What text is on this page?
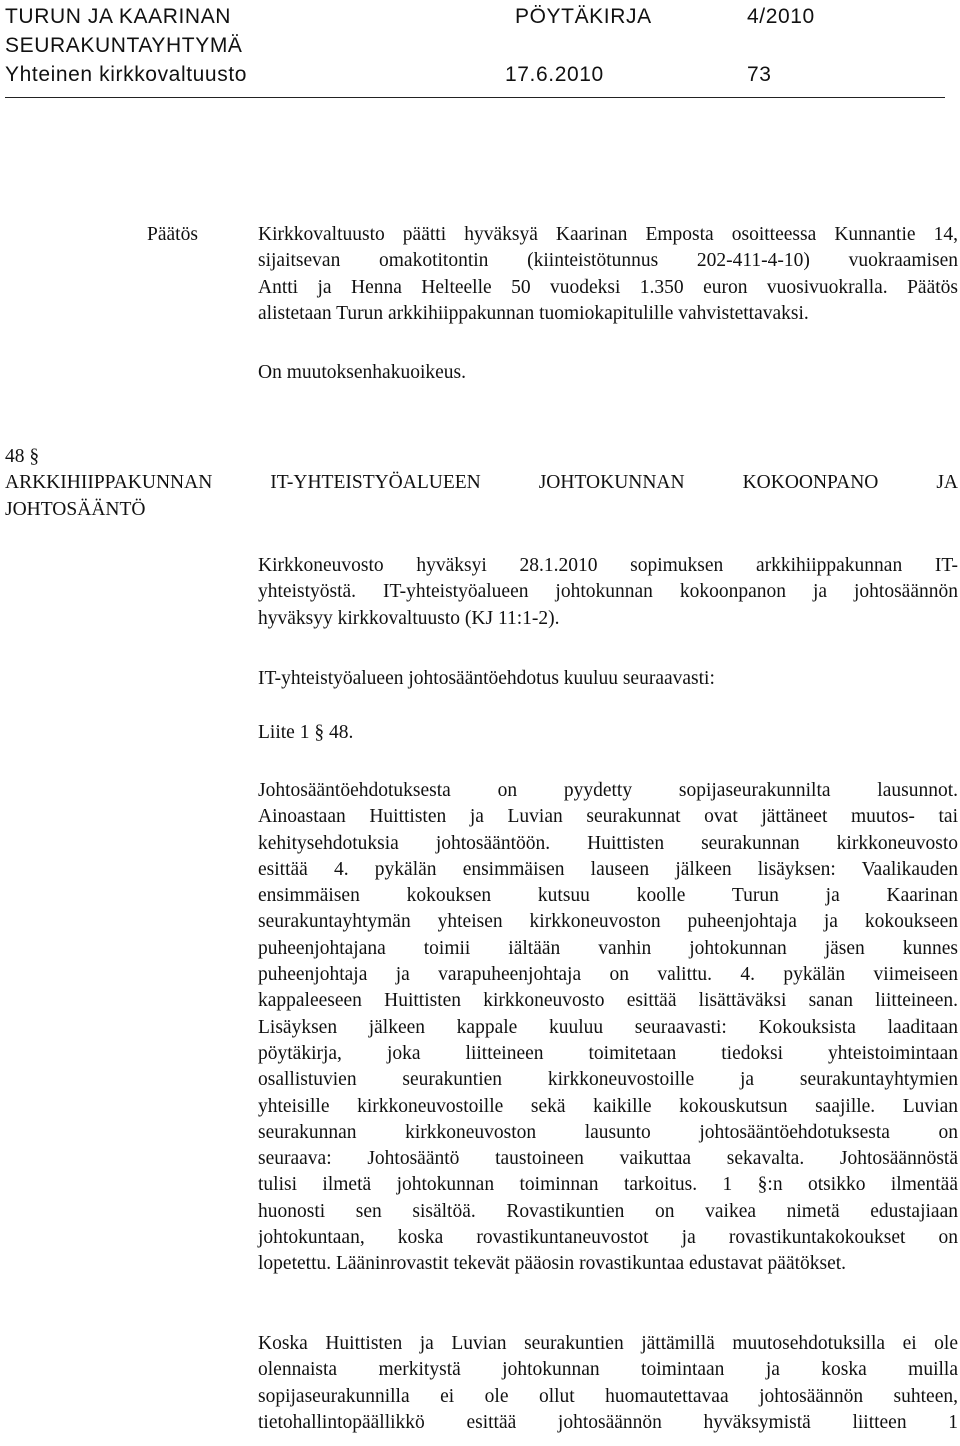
TURUN JA KAARINAN	PÖYTÄKIRJA	4/2010
SEURAKUNTAYHTYMÄ
Yhteinen kirkkovaltuusto	17.6.2010	73
Päätös	Kirkkovaltuusto päätti hyväksyä Kaarinan Emposta osoitteessa Kunnantie 14,
sijaitsevan omakotitontin (kiinteistötunnus 202-411-4-10) vuokraamisen
Antti ja Henna Helteelle 50 vuodeksi 1.350 euron vuosivuokralla. Päätös
alistetaan Turun arkkihiippakunnan tuomiokapitulille vahvistettavaksi.
On muutoksenhakuoikeus.
48 §
ARKKIHIIPPAKUNNAN IT-YHTEISTYÖALUEEN JOHTOKUNNAN KOKOONPANO JA
JOHTOSÄÄNTÖ
Kirkkoneuvosto hyväksyi 28.1.2010 sopimuksen arkkihiippakunnan IT-
yhteistyöstä. IT-yhteistyöalueen johtokunnan kokoonpanon ja johtosäännön
hyväksyy kirkkovaltuusto (KJ 11:1-2).
IT-yhteistyöalueen johtosääntöehdotus kuuluu seuraavasti:
Liite 1 § 48.
Johtosääntöehdotuksesta on pyydetty sopijaseurakunnilta lausunnot.
Ainoastaan Huittisten ja Luvian seurakunnat ovat jättäneet muutos- tai
kehitysehdotuksia johtosääntöön. Huittisten seurakunnan kirkkoneuvosto
esittää 4. pykälän ensimmäisen lauseen jälkeen lisäyksen: Vaalikauden
ensimmäisen kokouksen kutsuu koolle Turun ja Kaarinan
seurakuntayhtymän yhteisen kirkkoneuvoston puheenjohtaja ja kokoukseen
puheenjohtajana toimii iältään vanhin johtokunnan jäsen kunnes
puheenjohtaja ja varapuheenjohtaja on valittu. 4. pykälän viimeiseen
kappaleeseen Huittisten kirkkoneuvosto esittää lisättäväksi sanan liitteineen.
Lisäyksen jälkeen kappale kuuluu seuraavasti: Kokouksista laaditaan
pöytäkirja, joka liitteineen toimitetaan tiedoksi yhteistoimintaan
osallistuvien seurakuntien kirkkoneuvostoille ja seurakuntayhtymien
yhteisille kirkkoneuvostoille sekä kaikille kokouskutsun saajille. Luvian
seurakunnan kirkkoneuvoston lausunto johtosääntöehdotuksesta on
seuraava: Johtosääntö taustoineen vaikuttaa sekavalta. Johtosäännöstä
tulisi ilmetä johtokunnan toiminnan tarkoitus. 1 §:n otsikko ilmentää
huonosti sen sisältöä. Rovastikuntien on vaikea nimetä edustajiaan
johtokuntaan, koska rovastikuntaneuvostot ja rovastikuntakokoukset on
lopetettu. Lääninrovastit tekevät pääosin rovastikuntaa edustavat päätökset.
Koska Huittisten ja Luvian seurakuntien jättämillä muutosehdotuksilla ei ole
olennaista merkitystä johtokunnan toimintaan ja koska muilla
sopijaseurakunnilla ei ole ollut huomautettavaa johtosäännön suhteen,
tietohallintopäällikkö esittää johtosäännön hyväksymistä liitteen 1
